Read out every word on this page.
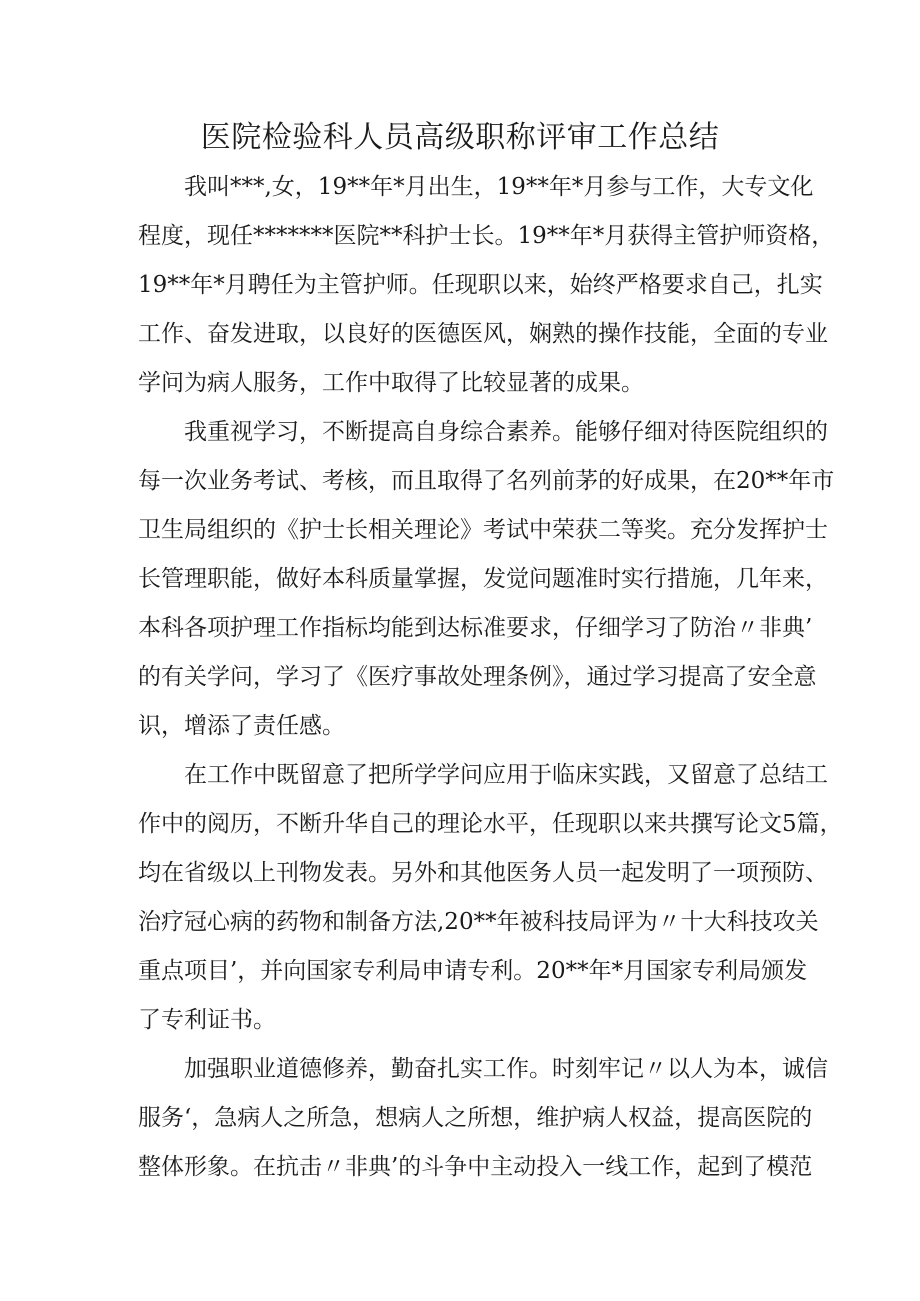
医院检验科人员高级职称评审工作总结
我叫***,女，19**年*月出生，19**年*月参与工作，大专文化
程度，现任*******医院**科护士长。19**年*月获得主管护师资格，
19**年*月聘任为主管护师。任现职以来，始终严格要求自己，扎实
工作、奋发进取，以良好的医德医风，娴熟的操作技能，全面的专业
学问为病人服务，工作中取得了比较显著的成果。
我重视学习，不断提高自身综合素养。能够仔细对待医院组织的
每一次业务考试、考核，而且取得了名列前茅的好成果，在20**年市
卫生局组织的《护士长相关理论》考试中荣获二等奖。充分发挥护士
长管理职能，做好本科质量掌握，发觉问题准时实行措施，几年来，
本科各项护理工作指标均能到达标准要求，仔细学习了防治〃非典’
的有关学问，学习了《医疗事故处理条例》，通过学习提高了安全意
识，增添了责任感。
在工作中既留意了把所学学问应用于临床实践，又留意了总结工
作中的阅历，不断升华自己的理论水平，任现职以来共撰写论文5篇，
均在省级以上刊物发表。另外和其他医务人员一起发明了一项预防、
治疗冠心病的药物和制备方法,20**年被科技局评为〃十大科技攻关
重点项目’，并向国家专利局申请专利。20**年*月国家专利局颁发
了专利证书。
加强职业道德修养，勤奋扎实工作。时刻牢记〃以人为本，诚信
服务‘，急病人之所急，想病人之所想，维护病人权益，提高医院的
整体形象。在抗击〃非典’的斗争中主动投入一线工作，起到了模范
